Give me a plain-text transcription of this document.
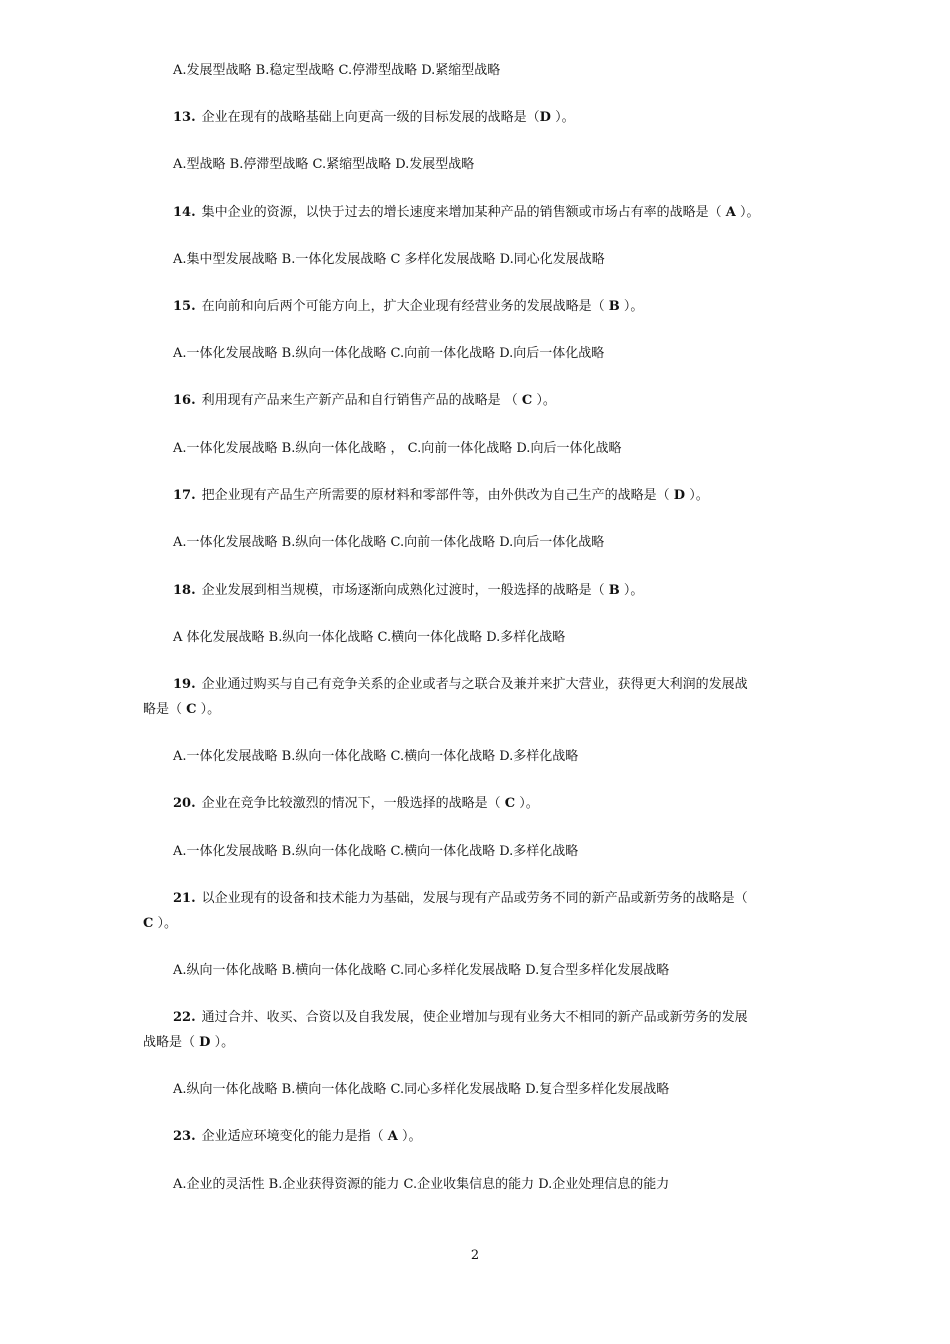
A.发展型战略 B.稳定型战略 C.停滞型战略 D.紧缩型战略
13. 企业在现有的战略基础上向更高一级的目标发展的战略是（D ）。
A.型战略 B.停滞型战略 C.紧缩型战略 D.发展型战略
14. 集中企业的资源，以快于过去的增长速度来增加某种产品的销售额或市场占有率的战略是（ A ）。
A.集中型发展战略 B.一体化发展战略 C 多样化发展战略 D.同心化发展战略
15. 在向前和向后两个可能方向上，扩大企业现有经营业务的发展战略是（ B ）。
A.一体化发展战略 B.纵向一体化战略 C.向前一体化战略 D.向后一体化战略
16. 利用现有产品来生产新产品和自行销售产品的战略是 （ C ）。
A.一体化发展战略 B.纵向一体化战略 ， C.向前一体化战略 D.向后一体化战略
17. 把企业现有产品生产所需要的原材料和零部件等，由外供改为自己生产的战略是（ D ）。
A.一体化发展战略 B.纵向一体化战略 C.向前一体化战略 D.向后一体化战略
18. 企业发展到相当规模，市场逐渐向成熟化过渡时，一般选择的战略是（ B ）。
A 体化发展战略 B.纵向一体化战略 C.横向一体化战略 D.多样化战略
19. 企业通过购买与自己有竞争关系的企业或者与之联合及兼并来扩大营业，获得更大利润的发展战
略是（ C ）。
A.一体化发展战略 B.纵向一体化战略 C.横向一体化战略 D.多样化战略
20. 企业在竞争比较激烈的情况下，一般选择的战略是（ C ）。
A.一体化发展战略 B.纵向一体化战略 C.横向一体化战略 D.多样化战略
21. 以企业现有的设备和技术能力为基础，发展与现有产品或劳务不同的新产品或新劳务的战略是（
C ）。
A.纵向一体化战略 B.横向一体化战略 C.同心多样化发展战略 D.复合型多样化发展战略
22. 通过合并、收买、合资以及自我发展，使企业增加与现有业务大不相同的新产品或新劳务的发展
战略是（ D ）。
A.纵向一体化战略 B.横向一体化战略 C.同心多样化发展战略 D.复合型多样化发展战略
23. 企业适应环境变化的能力是指（ A ）。
A.企业的灵活性 B.企业获得资源的能力 C.企业收集信息的能力 D.企业处理信息的能力
2
